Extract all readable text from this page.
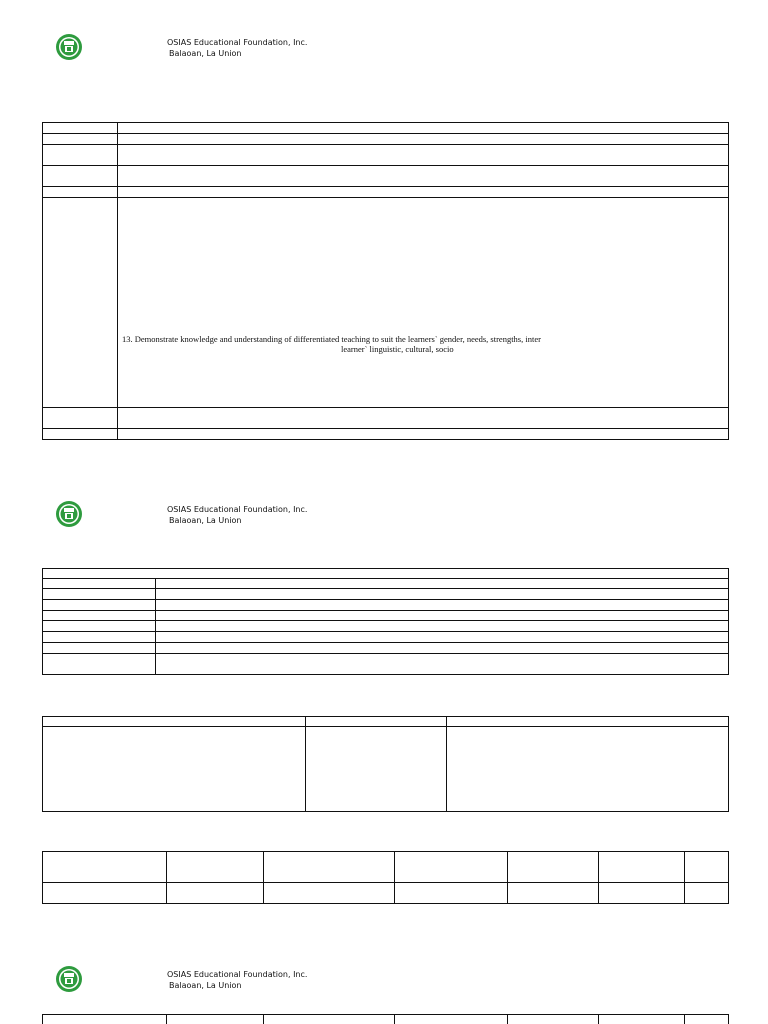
OSIAS Educational Foundation, Inc.
Balaoan, La Union

	13. Demonstrate knowledge and understanding of differentiated teaching to suit the learners` gender, needs, strengths, inter
learner` linguistic, cultural, socio

OSIAS Educational Foundation, Inc.
Balaoan, La Union

OSIAS Educational Foundation, Inc.
Balaoan, La Union
